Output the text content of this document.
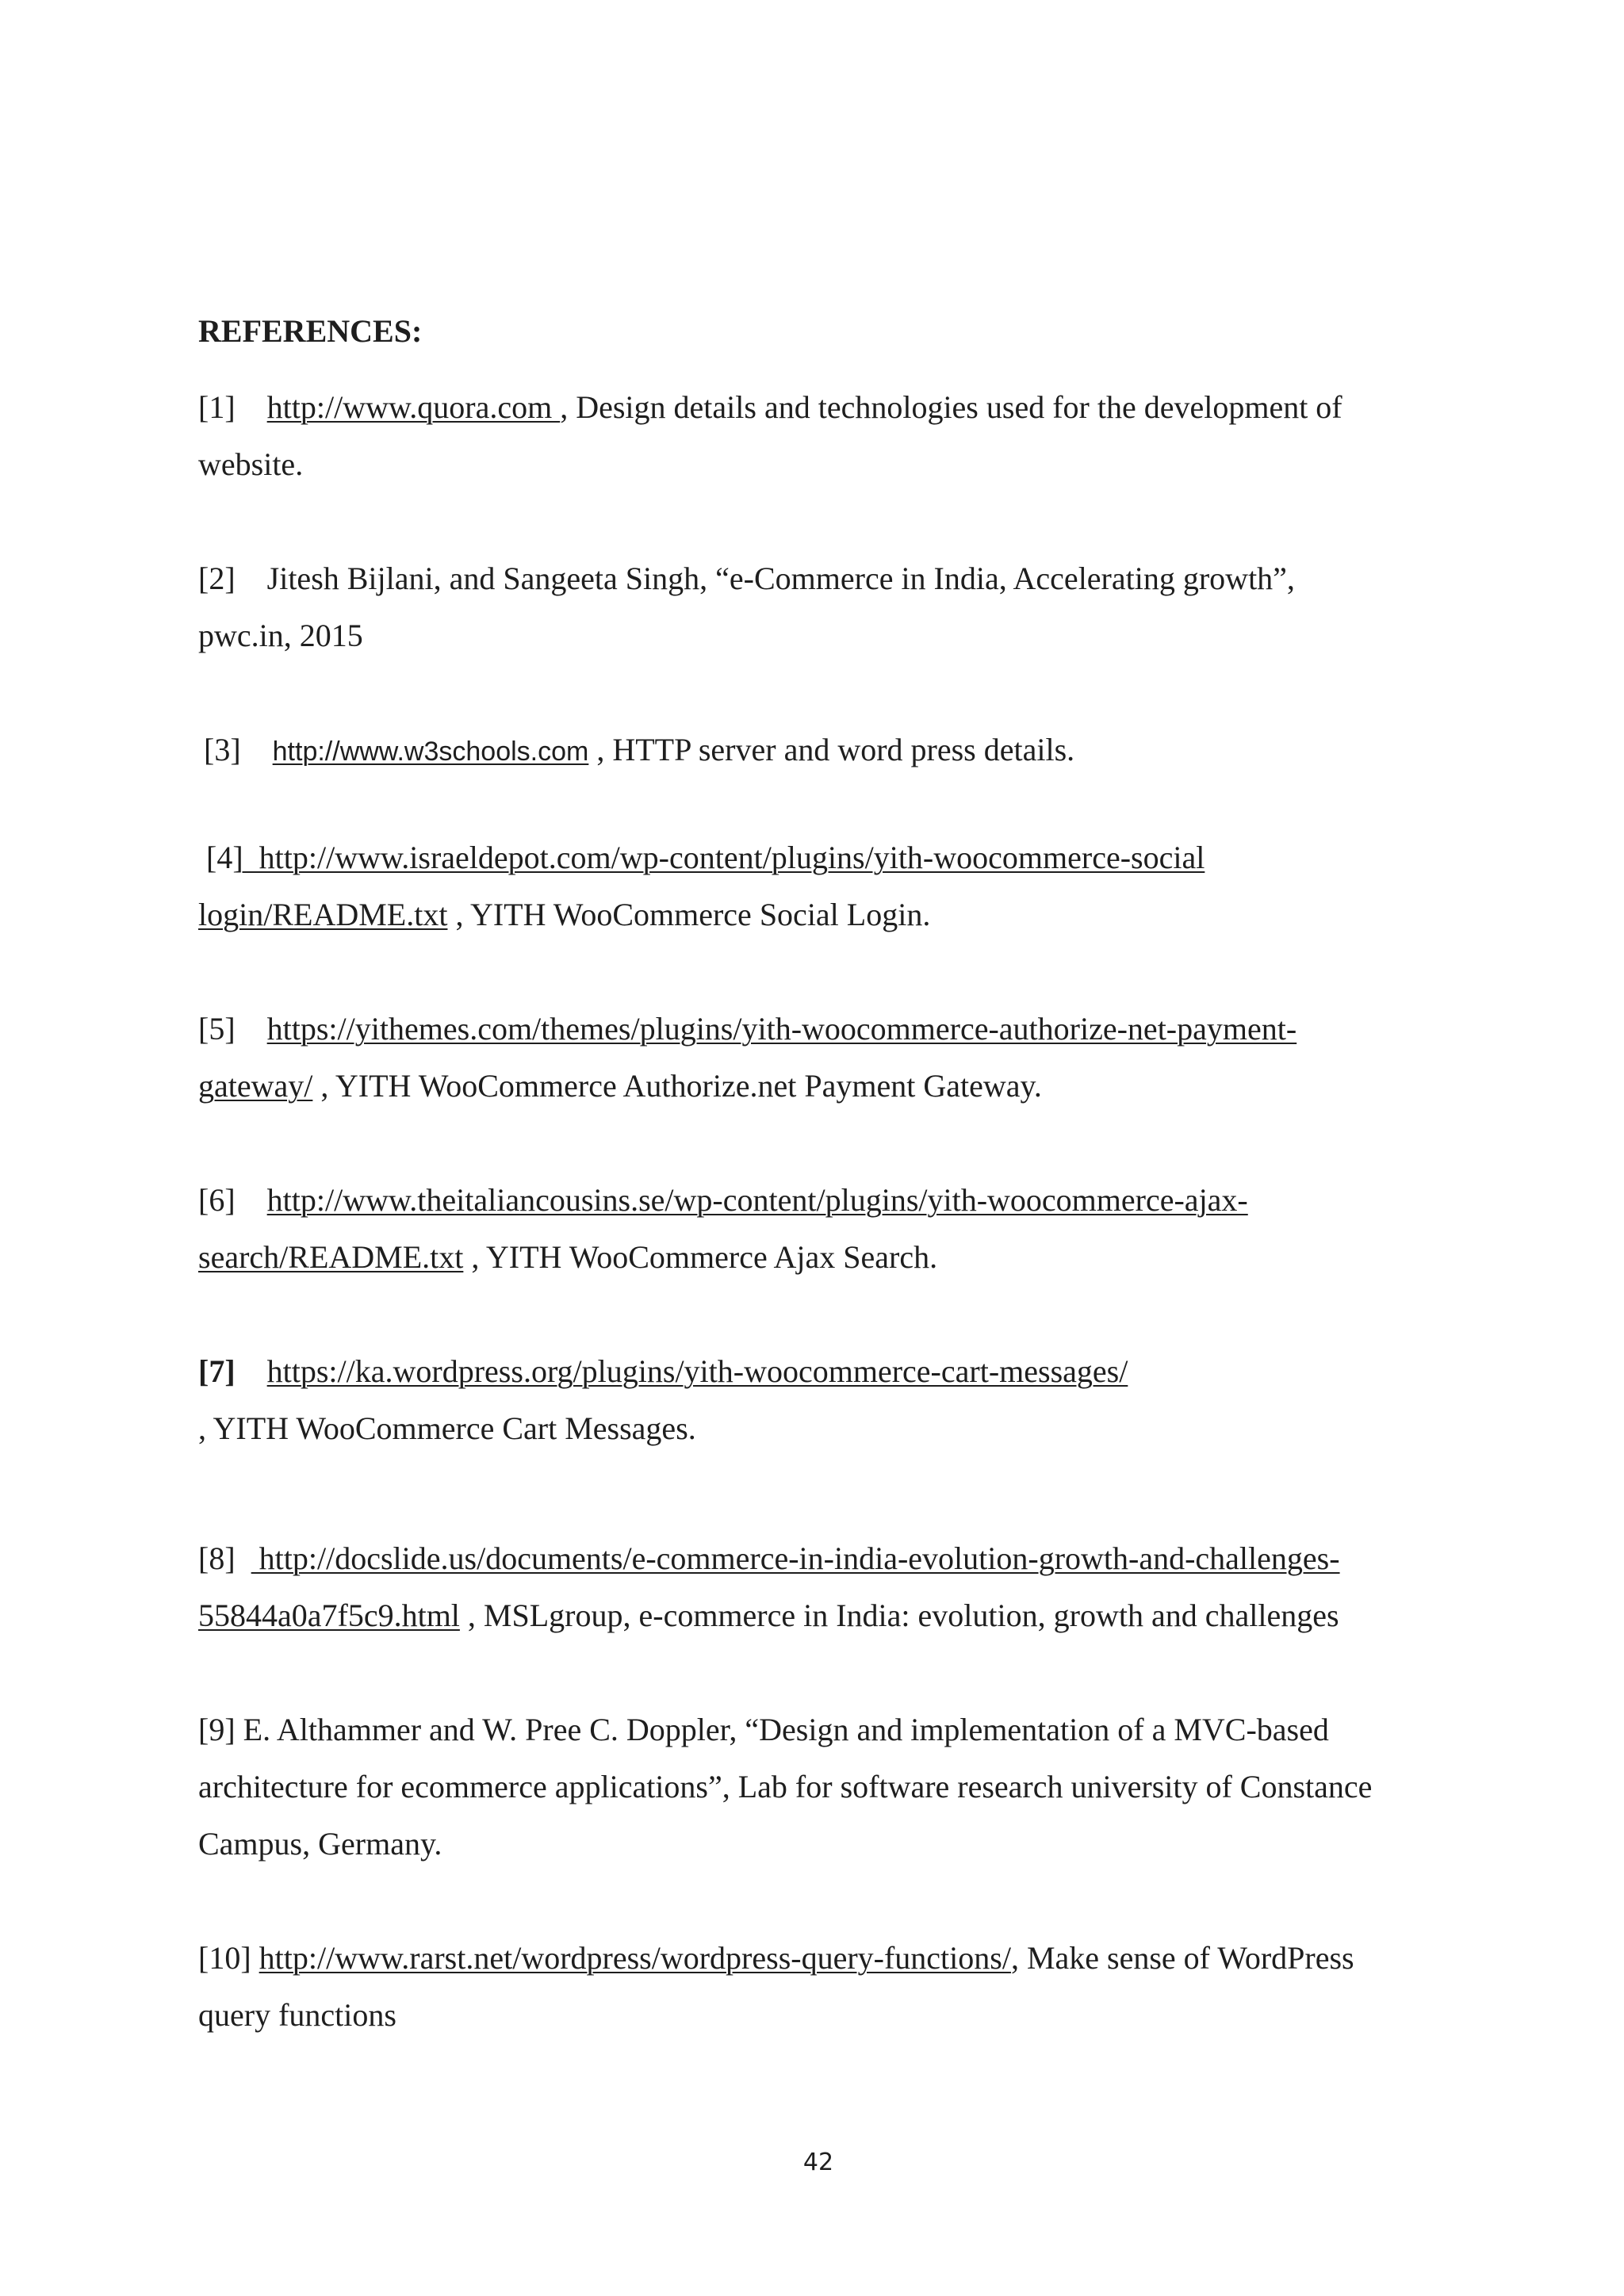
REFERENCES:
[1] http://www.quora.com , Design details and technologies used for the development of
website.
[2] Jitesh Bijlani, and Sangeeta Singh, “e-Commerce in India, Accelerating growth”,
pwc.in, 2015
[3] http://www.w3schools.com , HTTP server and word press details.
[4]  http://www.israeldepot.com/wp-content/plugins/yith-woocommerce-social
login/README.txt , YITH WooCommerce Social Login.
[5] https://yithemes.com/themes/plugins/yith-woocommerce-authorize-net-payment-
gateway/ , YITH WooCommerce Authorize.net Payment Gateway.
[6] http://www.theitaliancousins.se/wp-content/plugins/yith-woocommerce-ajax-
search/README.txt , YITH WooCommerce Ajax Search.
[7] https://ka.wordpress.org/plugins/yith-woocommerce-cart-messages/
, YITH WooCommerce Cart Messages.
[8]   http://docslide.us/documents/e-commerce-in-india-evolution-growth-and-challenges-
55844a0a7f5c9.html , MSLgroup, e-commerce in India: evolution, growth and challenges
[9] E. Althammer and W. Pree C. Doppler, “Design and implementation of a MVC-based
architecture for ecommerce applications”, Lab for software research university of Constance
Campus, Germany.
[10] http://www.rarst.net/wordpress/wordpress-query-functions/, Make sense of WordPress
query functions
42
